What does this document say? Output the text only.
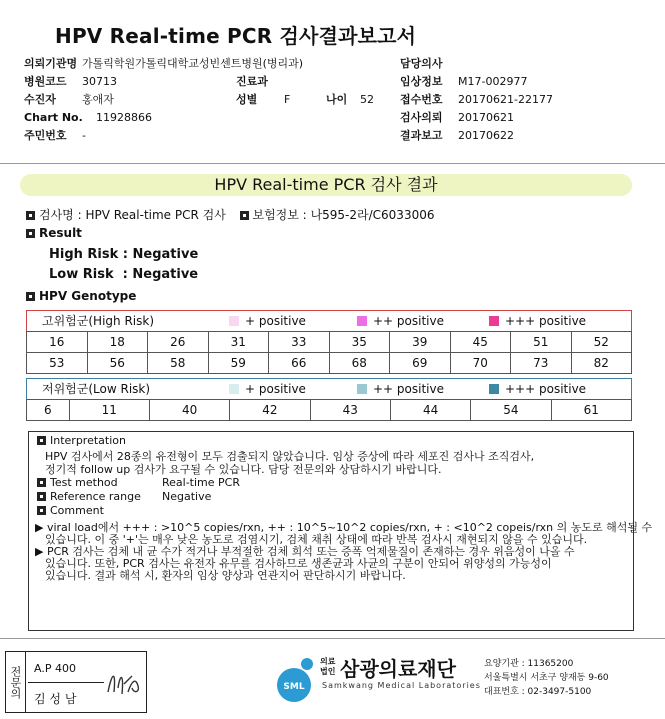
HPV Real-time PCR 검사결과보고서
의뢰기관명 가톨릭학원가톨릭대학교성빈센트병원(병리과)
병원코드 30713
수진자 홍애자
Chart No. 11928866
주민번호 -
진료과
성별 F	나이 52
담당의사
임상정보 M17-002977
접수번호 20170621-22177
검사의뢰 20170621
결과보고 20170622
HPV Real-time PCR 검사 결과
검사명 : HPV Real-time PCR 검사 보험정보 : 나595-2라/C6033006
Result
High Risk : Negative
Low Risk  : Negative
HPV Genotype
고위험군(High Risk)	+ positive	++ positive	+++ positive
16	18	26	31	33	35	39	45	51	52
53	56	58	59	66	68	69	70	73	82
저위험군(Low Risk)	+ positive	++ positive	+++ positive
6	11	40	42	43	44	54	61
Interpretation
HPV 검사에서 28종의 유전형이 모두 검출되지 않았습니다. 임상 증상에 따라 세포진 검사나 조직검사,
정기적 follow up 검사가 요구될 수 있습니다. 담당 전문의와 상담하시기 바랍니다.
Test method	Real-time PCR
Reference range Negative
Comment
▶ viral load에서 +++ : >10^5 copies/rxn, ++ : 10^5~10^2 copies/rxn, + : <10^2 copeis/rxn 의 농도로 해석될 수
있습니다. 이 중 '+'는 매우 낮은 농도로 검염시기, 검체 채취 상태에 따라 반복 검사시 재현되지 않을 수 있습니다.
▶ PCR 검사는 검체 내 균 수가 적거나 부적절한 검체 희석 또는 증폭 억제물질이 존재하는 경우 위음성이 나올 수
있습니다. 또한, PCR 검사는 유전자 유무를 검사하므로 생존균과 사균의 구분이 안되어 위양성의 가능성이
있습니다. 결과 해석 시, 환자의 임상 양상과 연관지어 판단하시기 바랍니다.
전문의	A.P 400
김 성 남
SML
의료
법인 삼광의료재단
Samkwang Medical Laboratories
요양기관 : 11365200
서울특별시 서초구 양재동 9-60
대표번호 : 02-3497-5100
